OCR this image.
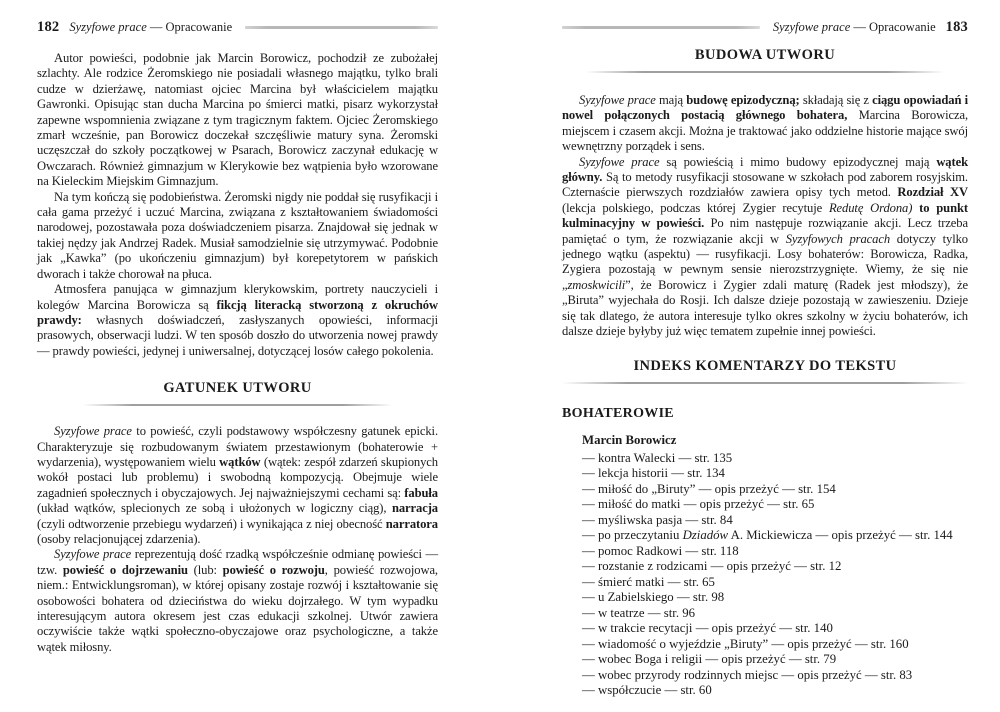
182 Syzyfowe prace — Opracowanie

Autor powieści, podobnie jak Marcin Borowicz, pochodził ze zubożałej szlachty. Ale rodzice Żeromskiego nie posiadali własnego majątku, tylko brali cudze w dzierżawę, natomiast ojciec Marcina był właścicielem majątku Gawronki. Opisując stan ducha Marcina po śmierci matki, pisarz wykorzystał zapewne wspomnienia związane z tym tragicznym faktem. Ojciec Żeromskiego zmarł wcześnie, pan Borowicz doczekał szczęśliwie matury syna. Żeromski uczęszczał do szkoły początkowej w Psarach, Borowicz zaczynał edukację w Owczarach. Również gimnazjum w Klerykowie bez wątpienia było wzorowane na Kieleckim Miejskim Gimnazjum.

Na tym kończą się podobieństwa. Żeromski nigdy nie poddał się rusyfikacji i cała gama przeżyć i uczuć Marcina, związana z kształtowaniem świadomości narodowej, pozostawała poza doświadczeniem pisarza. Znajdował się jednak w takiej nędzy jak Andrzej Radek. Musiał samodzielnie się utrzymywać. Podobnie jak „Kawka” (po ukończeniu gimnazjum) był korepetytorem w pańskich dworach i także chorował na płuca.

Atmosfera panująca w gimnazjum klerykowskim, portrety nauczycieli i kolegów Marcina Borowicza są fikcją literacką stworzoną z okruchów prawdy: własnych doświadczeń, zasłyszanych opowieści, informacji prasowych, obserwacji ludzi. W ten sposób doszło do utworzenia nowej prawdy — prawdy powieści, jedynej i uniwersalnej, dotyczącej losów całego pokolenia.

GATUNEK UTWORU

Syzyfowe prace to powieść, czyli podstawowy współczesny gatunek epicki. Charakteryzuje się rozbudowanym światem przestawionym (bohaterowie + wydarzenia), występowaniem wielu wątków (wątek: zespół zdarzeń skupionych wokół postaci lub problemu) i swobodną kompozycją. Obejmuje wiele zagadnień społecznych i obyczajowych. Jej najważniejszymi cechami są: fabuła (układ wątków, splecionych ze sobą i ułożonych w logiczny ciąg), narracja (czyli odtworzenie przebiegu wydarzeń) i wynikająca z niej obecność narratora (osoby relacjonującej zdarzenia).

Syzyfowe prace reprezentują dość rzadką współcześnie odmianę powieści — tzw. powieść o dojrzewaniu (lub: powieść o rozwoju, powieść rozwojowa, niem.: Entwicklungsroman), w której opisany zostaje rozwój i kształtowanie się osobowości bohatera od dzieciństwa do wieku dojrzałego. W tym wypadku interesującym autora okresem jest czas edukacji szkolnej. Utwór zawiera oczywiście także wątki społeczno-obyczajowe oraz psychologiczne, a także wątek miłosny.

Syzyfowe prace — Opracowanie 183
BUDOWA UTWORU

Syzyfowe prace mają budowę epizodyczną; składają się z ciągu opowiadań i nowel połączonych postacią głównego bohatera, Marcina Borowicza, miejscem i czasem akcji. Można je traktować jako oddzielne historie mające swój wewnętrzny porządek i sens.

Syzyfowe prace są powieścią i mimo budowy epizodycznej mają wątek główny. Są to metody rusyfikacji stosowane w szkołach pod zaborem rosyjskim. Czternaście pierwszych rozdziałów zawiera opisy tych metod. Rozdział XV (lekcja polskiego, podczas której Zygier recytuje Redutę Ordona) to punkt kulminacyjny w powieści. Po nim następuje rozwiązanie akcji. Lecz trzeba pamiętać o tym, że rozwiązanie akcji w Syzyfowych pracach dotyczy tylko jednego wątku (aspektu) — rusyfikacji. Losy bohaterów: Borowicza, Radka, Zygiera pozostają w pewnym sensie nierozstrzygnięte. Wiemy, że się nie „zmoskwicili”, że Borowicz i Zygier zdali maturę (Radek jest młodszy), że „Biruta” wyjechała do Rosji. Ich dalsze dzieje pozostają w zawieszeniu. Dzieje się tak dlatego, że autora interesuje tylko okres szkolny w życiu bohaterów, ich dalsze dzieje byłyby już więc tematem zupełnie innej powieści.

INDEKS KOMENTARZY DO TEKSTU
BOHATEROWIE
Marcin Borowicz
— kontra Walecki — str. 135
— lekcja historii — str. 134
— miłość do „Biruty” — opis przeżyć — str. 154
— miłość do matki — opis przeżyć — str. 65
— myśliwska pasja — str. 84
— po przeczytaniu Dziadów A. Mickiewicza — opis przeżyć — str. 144
— pomoc Radkowi — str. 118
— rozstanie z rodzicami — opis przeżyć — str. 12
— śmierć matki — str. 65
— u Zabielskiego — str. 98
— w teatrze — str. 96
— w trakcie recytacji — opis przeżyć — str. 140
— wiadomość o wyjeździe „Biruty” — opis przeżyć — str. 160
— wobec Boga i religii — opis przeżyć — str. 79
— wobec przyrody rodzinnych miejsc — opis przeżyć — str. 83
— współczucie — str. 60
